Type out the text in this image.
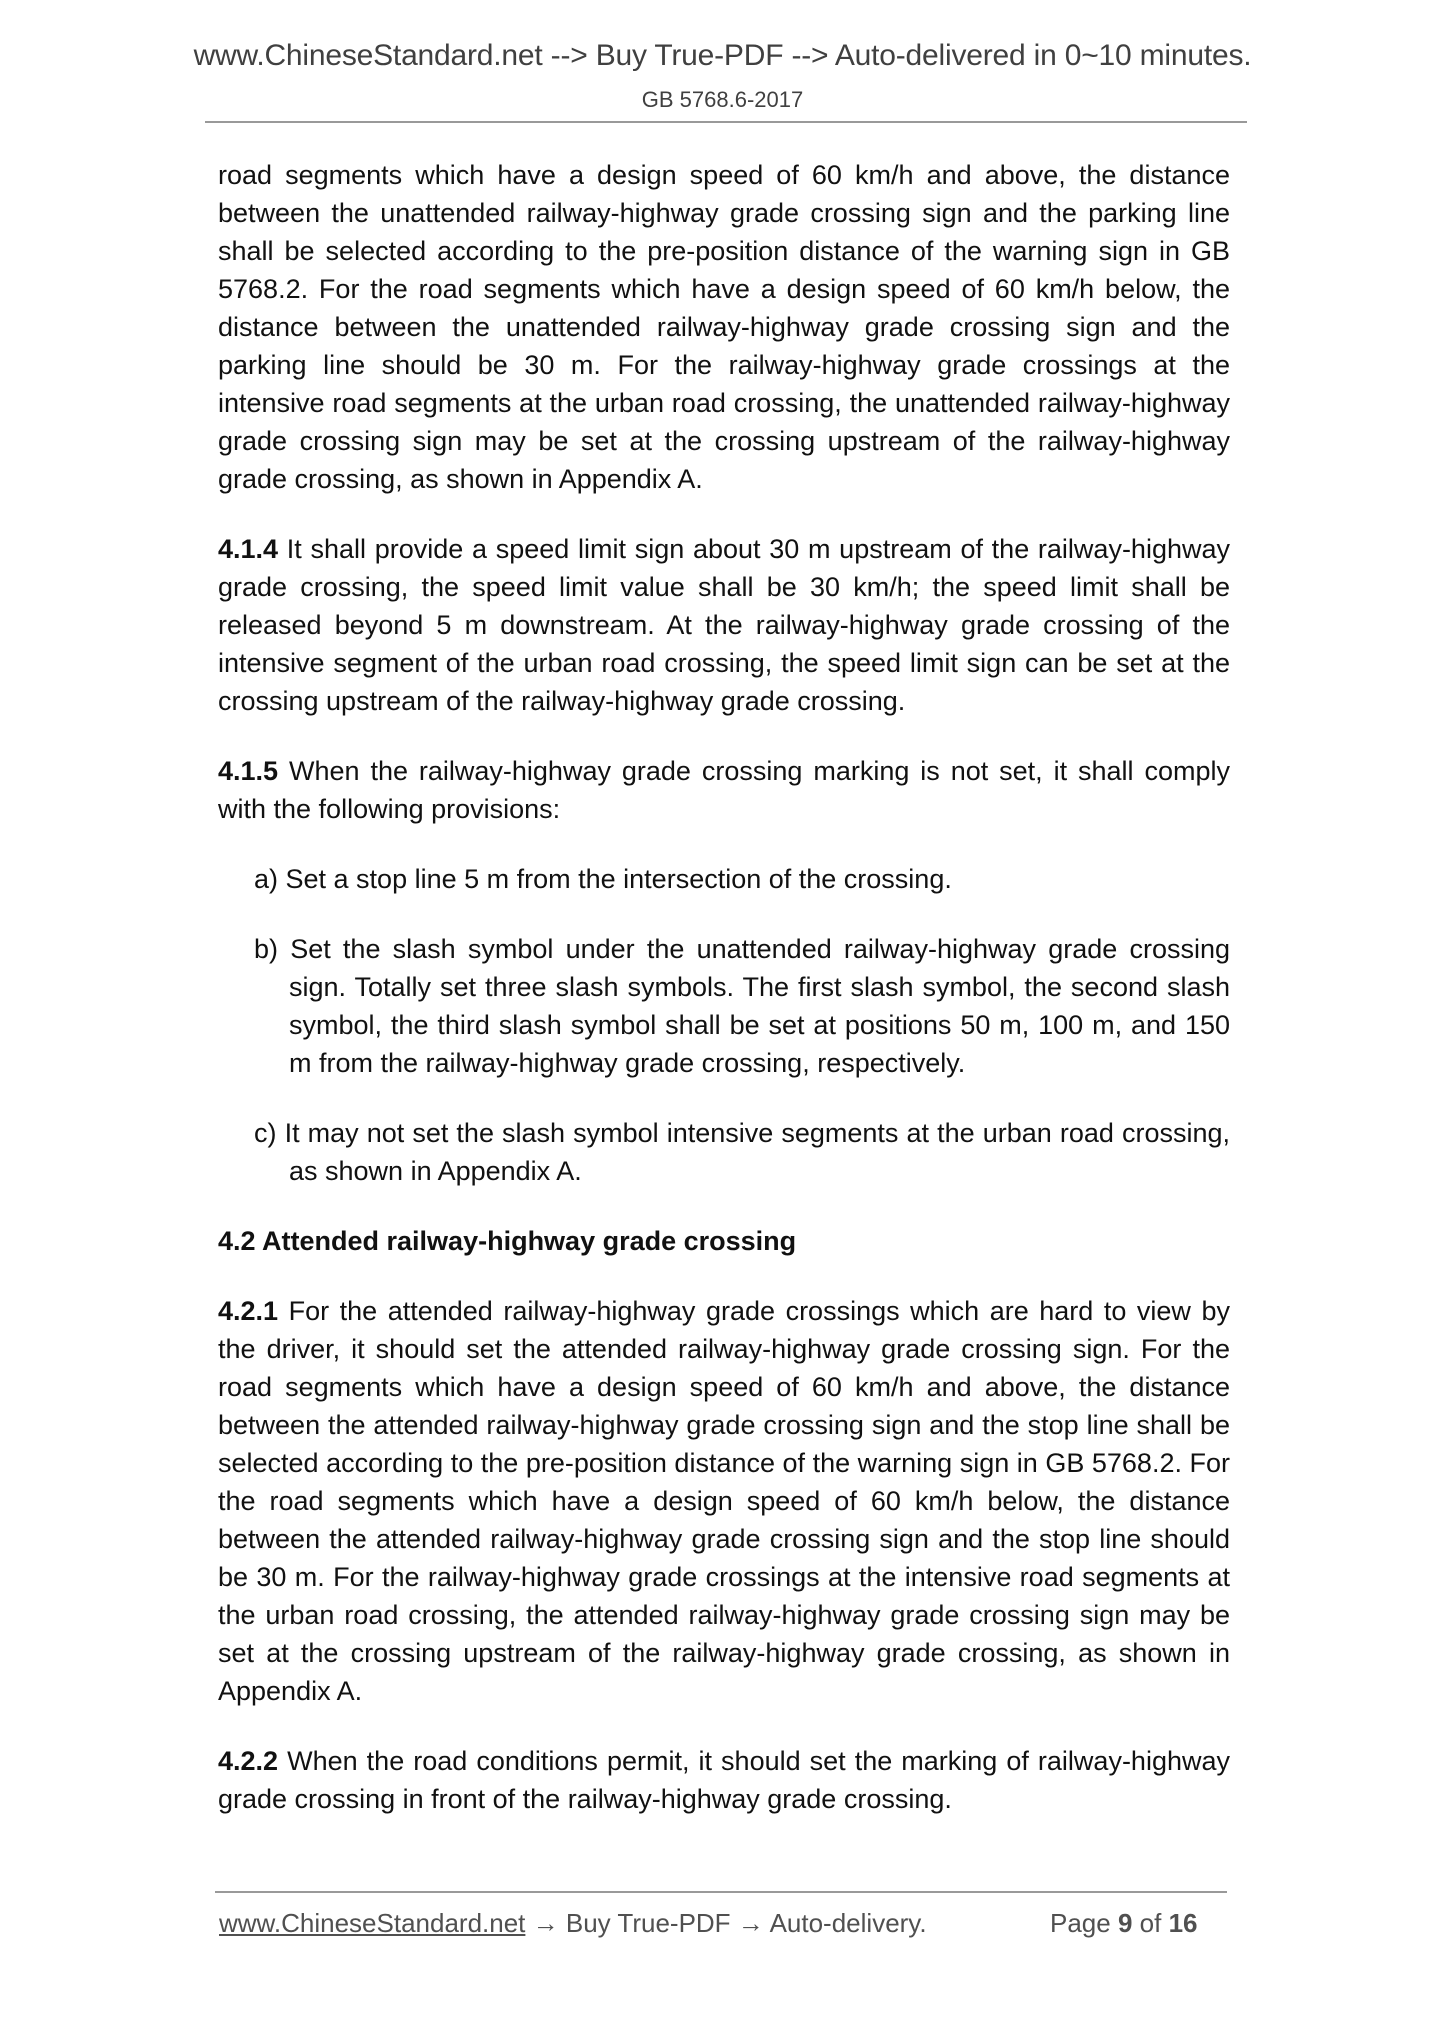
www.ChineseStandard.net --> Buy True-PDF --> Auto-delivered in 0~10 minutes.
GB 5768.6-2017

road segments which have a design speed of 60 km/h and above, the distance between the unattended railway-highway grade crossing sign and the parking line shall be selected according to the pre-position distance of the warning sign in GB 5768.2. For the road segments which have a design speed of 60 km/h below, the distance between the unattended railway-highway grade crossing sign and the parking line should be 30 m. For the railway-highway grade crossings at the intensive road segments at the urban road crossing, the unattended railway-highway grade crossing sign may be set at the crossing upstream of the railway-highway grade crossing, as shown in Appendix A.

4.1.4 It shall provide a speed limit sign about 30 m upstream of the railway-highway grade crossing, the speed limit value shall be 30 km/h; the speed limit shall be released beyond 5 m downstream. At the railway-highway grade crossing of the intensive segment of the urban road crossing, the speed limit sign can be set at the crossing upstream of the railway-highway grade crossing.

4.1.5 When the railway-highway grade crossing marking is not set, it shall comply with the following provisions:

a) Set a stop line 5 m from the intersection of the crossing.

b) Set the slash symbol under the unattended railway-highway grade crossing sign. Totally set three slash symbols. The first slash symbol, the second slash symbol, the third slash symbol shall be set at positions 50 m, 100 m, and 150 m from the railway-highway grade crossing, respectively.

c) It may not set the slash symbol intensive segments at the urban road crossing, as shown in Appendix A.

4.2 Attended railway-highway grade crossing

4.2.1 For the attended railway-highway grade crossings which are hard to view by the driver, it should set the attended railway-highway grade crossing sign. For the road segments which have a design speed of 60 km/h and above, the distance between the attended railway-highway grade crossing sign and the stop line shall be selected according to the pre-position distance of the warning sign in GB 5768.2. For the road segments which have a design speed of 60 km/h below, the distance between the attended railway-highway grade crossing sign and the stop line should be 30 m. For the railway-highway grade crossings at the intensive road segments at the urban road crossing, the attended railway-highway grade crossing sign may be set at the crossing upstream of the railway-highway grade crossing, as shown in Appendix A.

4.2.2 When the road conditions permit, it should set the marking of railway-highway grade crossing in front of the railway-highway grade crossing.

www.ChineseStandard.net → Buy True-PDF → Auto-delivery.	Page 9 of 16
